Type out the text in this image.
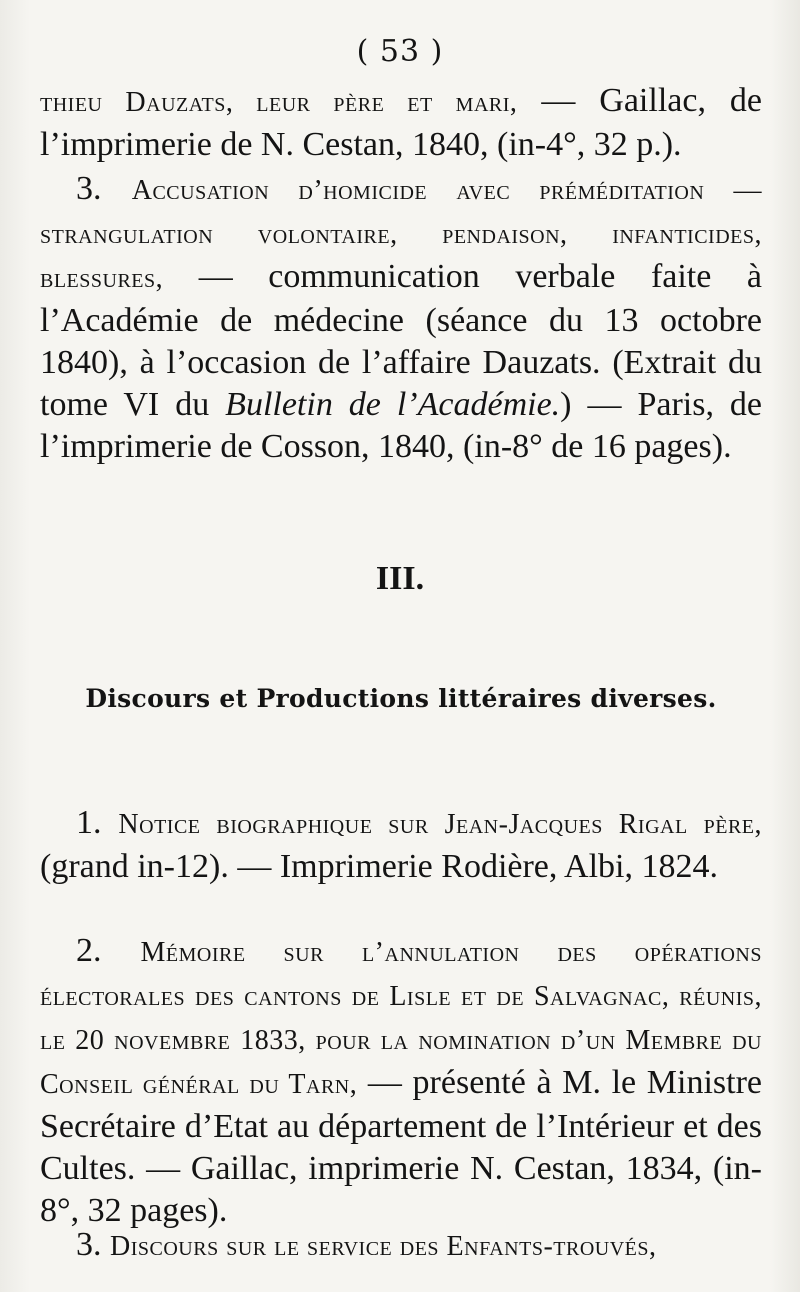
( 53 )
thieu Dauzats, leur père et mari, — Gaillac, de l’imprimerie de N. Cestan, 1840, (in-4°, 32 p.).
3. Accusation d’homicide avec préméditation — strangulation volontaire, pendaison, infanticides, blessures, — communication verbale faite à l’Académie de médecine (séance du 13 octobre 1840), à l’occasion de l’affaire Dauzats. (Extrait du tome VI du Bulletin de l’Académie.) — Paris, de l’imprimerie de Cosson, 1840, (in-8° de 16 pages).
III.
Discours et Productions littéraires diverses.
1. Notice biographique sur Jean-Jacques Rigal père, (grand in-12). — Imprimerie Rodière, Albi, 1824.
2. Mémoire sur l’annulation des opérations électorales des cantons de Lisle et de Salvagnac, réunis, le 20 novembre 1833, pour la nomination d’un Membre du Conseil général du Tarn, — présenté à M. le Ministre Secrétaire d’Etat au département de l’Intérieur et des Cultes. — Gaillac, imprimerie N. Cestan, 1834, (in-8°, 32 pages).
3. Discours sur le service des Enfants-trouvés,
